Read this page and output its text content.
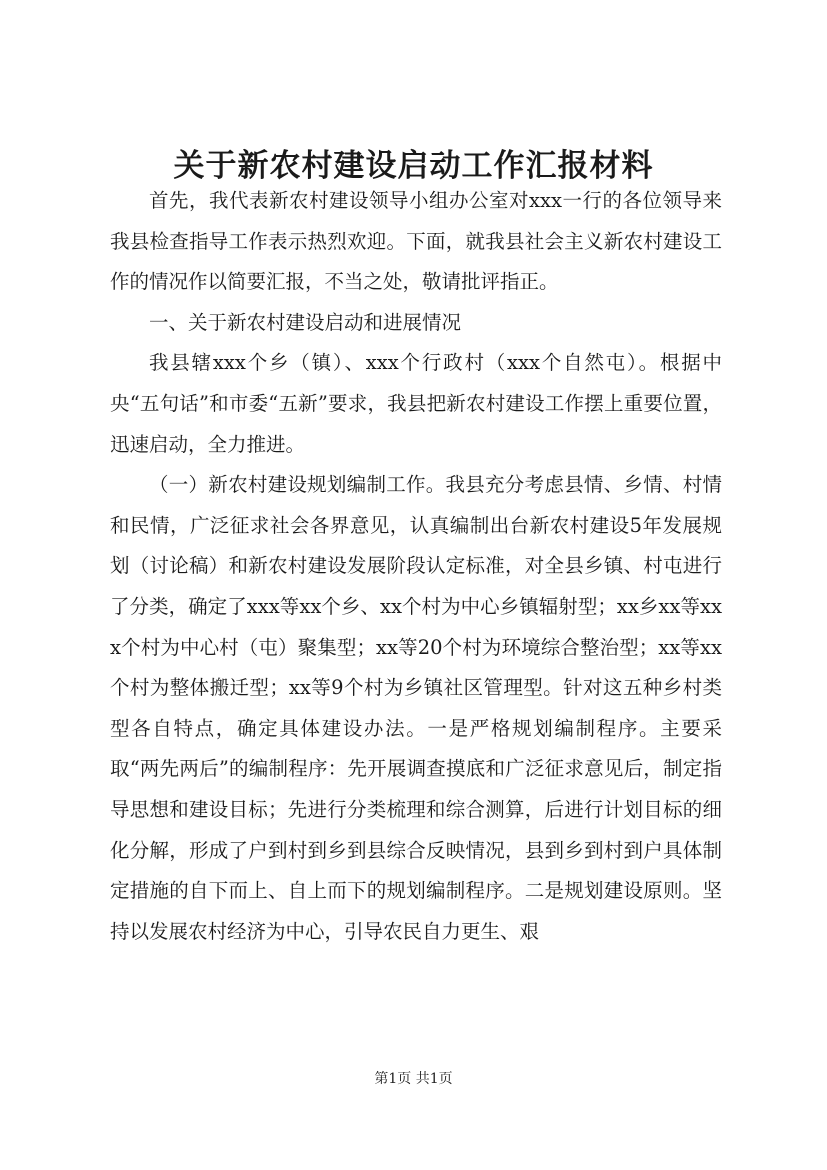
关于新农村建设启动工作汇报材料

首先，我代表新农村建设领导小组办公室对xxx一行的各位领导来我县检查指导工作表示热烈欢迎。下面，就我县社会主义新农村建设工作的情况作以简要汇报，不当之处，敬请批评指正。

一、关于新农村建设启动和进展情况

我县辖xxx个乡（镇）、xxx个行政村（xxx个自然屯）。根据中央“五句话”和市委“五新”要求，我县把新农村建设工作摆上重要位置，迅速启动，全力推进。

（一）新农村建设规划编制工作。我县充分考虑县情、乡情、村情和民情，广泛征求社会各界意见，认真编制出台新农村建设5年发展规划（讨论稿）和新农村建设发展阶段认定标准，对全县乡镇、村屯进行了分类，确定了xxx等xx个乡、xx个村为中心乡镇辐射型；xx乡xx等xxx个村为中心村（屯）聚集型；xx等20个村为环境综合整治型；xx等xx个村为整体搬迁型；xx等9个村为乡镇社区管理型。针对这五种乡村类型各自特点，确定具体建设办法。一是严格规划编制程序。主要采取“两先两后”的编制程序：先开展调查摸底和广泛征求意见后，制定指导思想和建设目标；先进行分类梳理和综合测算，后进行计划目标的细化分解，形成了户到村到乡到县综合反映情况，县到乡到村到户具体制定措施的自下而上、自上而下的规划编制程序。二是规划建设原则。坚持以发展农村经济为中心，引导农民自力更生、艰

第1页 共1页
